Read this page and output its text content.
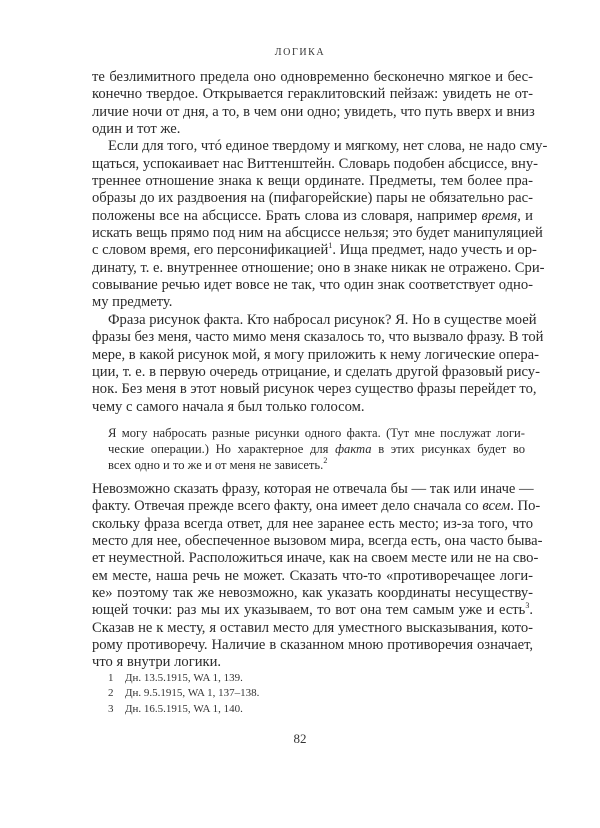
ЛОГИКА

те безлимитного предела оно одновременно бесконечно мягкое и бес-
конечно твердое. Открывается гераклитовский пейзаж: увидеть не от-
личие ночи от дня, а то, в чем они одно; увидеть, что путь вверх и вниз
один и тот же.

Если для того, чтó единое твердому и мягкому, нет слова, не надо сму-
щаться, успокаивает нас Виттенштейн. Словарь подобен абсциссе, вну-
треннее отношение знака к вещи ординате. Предметы, тем более пра-
образы до их раздвоения на (пифагорейские) пары не обязательно рас-
положены все на абсциссе. Брать слова из словаря, например время, и
искать вещь прямо под ним на абсциссе нельзя; это будет манипуляцией
с словом время, его персонификацией$^1$. Ища предмет, надо учесть и ор-
динату, т. е. внутреннее отношение; оно в знаке никак не отражено. Сри-
совывание речью идет вовсе не так, что один знак соответствует одно-
му предмету.

Фраза рисунок факта. Кто набросал рисунок? Я. Но в существе моей
фразы без меня, часто мимо меня сказалось то, что вызвало фразу. В той
мере, в какой рисунок мой, я могу приложить к нему логические опера-
ции, т. е. в первую очередь отрицание, и сделать другой фразовый рису-
нок. Без меня в этот новый рисунок через существо фразы перейдет то,
чему с самого начала я был только голосом.

Я могу набросать разные рисунки одного факта. (Тут мне послужат логи-
ческие операции.) Но характерное для факта в этих рисунках будет во
всех одно и то же и от меня не зависеть.$^2$

Невозможно сказать фразу, которая не отвечала бы — так или иначе —
факту. Отвечая прежде всего факту, она имеет дело сначала со всем. По-
скольку фраза всегда ответ, для нее заранее есть место; из-за того, что
место для нее, обеспеченное вызовом мира, всегда есть, она часто быва-
ет неуместной. Расположиться иначе, как на своем месте или не на сво-
ем месте, наша речь не может. Сказать что-то «противоречащее логи-
ке» поэтому так же невозможно, как указать координаты несуществу-
ющей точки: раз мы их указываем, то вот она тем самым уже и есть$^3$.
Сказав не к месту, я оставил место для уместного высказывания, кото-
рому противоречу. Наличие в сказанном мною противоречия означает,
что я внутри логики.

1	Дн. 13.5.1915, WA 1, 139.
2	Дн. 9.5.1915, WA 1, 137–138.
3	Дн. 16.5.1915, WA 1, 140.
82
